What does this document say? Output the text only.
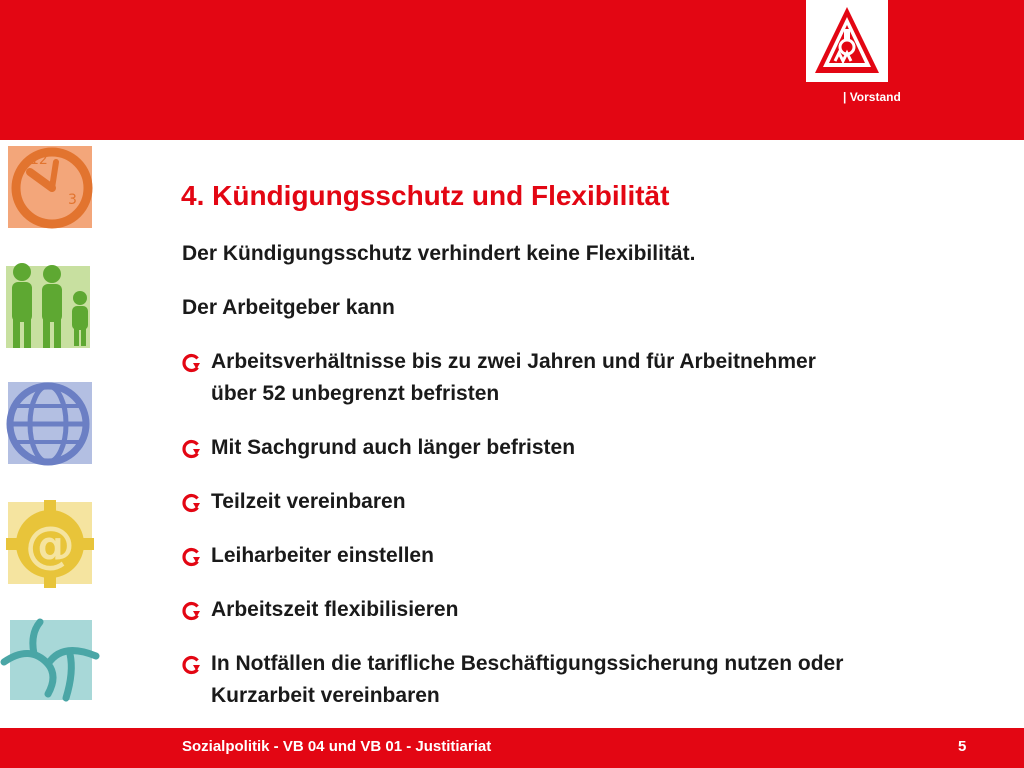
| Vorstand
12
3
@
4. Kündigungsschutz und Flexibilität
Der Kündigungsschutz verhindert keine Flexibilität.
Der Arbeitgeber kann
Arbeitsverhältnisse bis zu zwei Jahren und für Arbeitnehmer
über 52 unbegrenzt befristen
Mit Sachgrund auch länger befristen
Teilzeit vereinbaren
Leiharbeiter einstellen
Arbeitszeit flexibilisieren
In Notfällen die tarifliche Beschäftigungssicherung nutzen oder
Kurzarbeit vereinbaren
Sozialpolitik - VB 04 und VB 01 - Justitiariat	5
